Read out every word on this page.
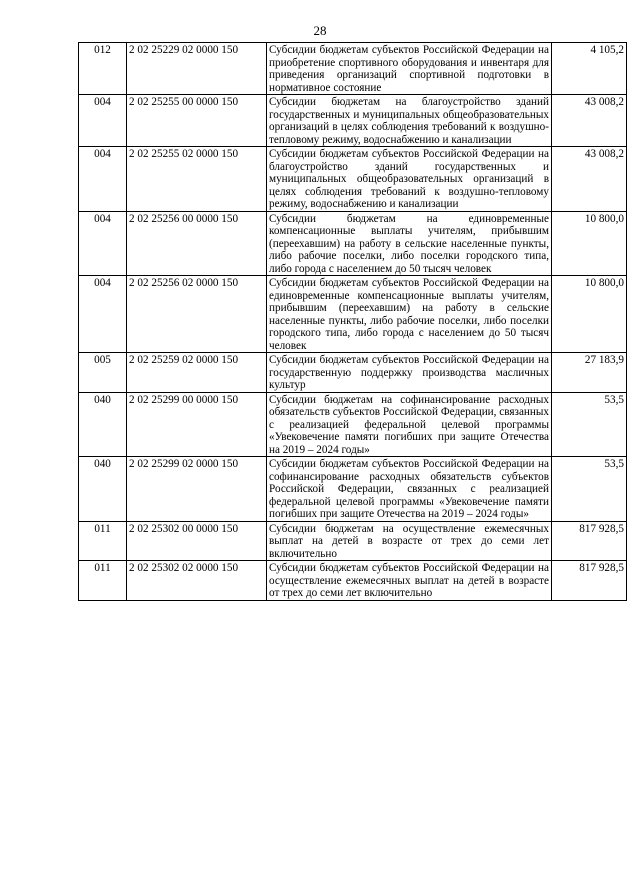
28
012	2 02 25229 02 0000 150	Субсидии бюджетам субъектов Российской Федерации на приобретение спортивного оборудования и инвентаря для приведения организаций спортивной подготовки в нормативное состояние	4 105,2
004	2 02 25255 00 0000 150	Субсидии бюджетам на благоустройство зданий государственных и муниципальных общеобразовательных организаций в целях соблюдения требований к воздушно-тепловому режиму, водоснабжению и канализации	43 008,2
004	2 02 25255 02 0000 150	Субсидии бюджетам субъектов Российской Федерации на благоустройство зданий государственных и муниципальных общеобразовательных организаций в целях соблюдения требований к воздушно-тепловому режиму, водоснабжению и канализации	43 008,2
004	2 02 25256 00 0000 150	Субсидии бюджетам на единовременные компенсационные выплаты учителям, прибывшим (переехавшим) на работу в сельские населенные пункты, либо рабочие поселки, либо поселки городского типа, либо города с населением до 50 тысяч человек	10 800,0
004	2 02 25256 02 0000 150	Субсидии бюджетам субъектов Российской Федерации на единовременные компенсационные выплаты учителям, прибывшим (переехавшим) на работу в сельские населенные пункты, либо рабочие поселки, либо поселки городского типа, либо города с населением до 50 тысяч человек	10 800,0
005	2 02 25259 02 0000 150	Субсидии бюджетам субъектов Российской Федерации на государственную поддержку производства масличных культур	27 183,9
040	2 02 25299 00 0000 150	Субсидии бюджетам на софинансирование расходных обязательств субъектов Российской Федерации, связанных с реализацией федеральной целевой программы «Увековечение памяти погибших при защите Отечества на 2019 – 2024 годы»	53,5
040	2 02 25299 02 0000 150	Субсидии бюджетам субъектов Российской Федерации на софинансирование расходных обязательств субъектов Российской Федерации, связанных с реализацией федеральной целевой программы «Увековечение памяти погибших при защите Отечества на 2019 – 2024 годы»	53,5
011	2 02 25302 00 0000 150	Субсидии бюджетам на осуществление ежемесячных выплат на детей в возрасте от трех до семи лет включительно	817 928,5
011	2 02 25302 02 0000 150	Субсидии бюджетам субъектов Российской Федерации на осуществление ежемесячных выплат на детей в возрасте от трех до семи лет включительно	817 928,5
